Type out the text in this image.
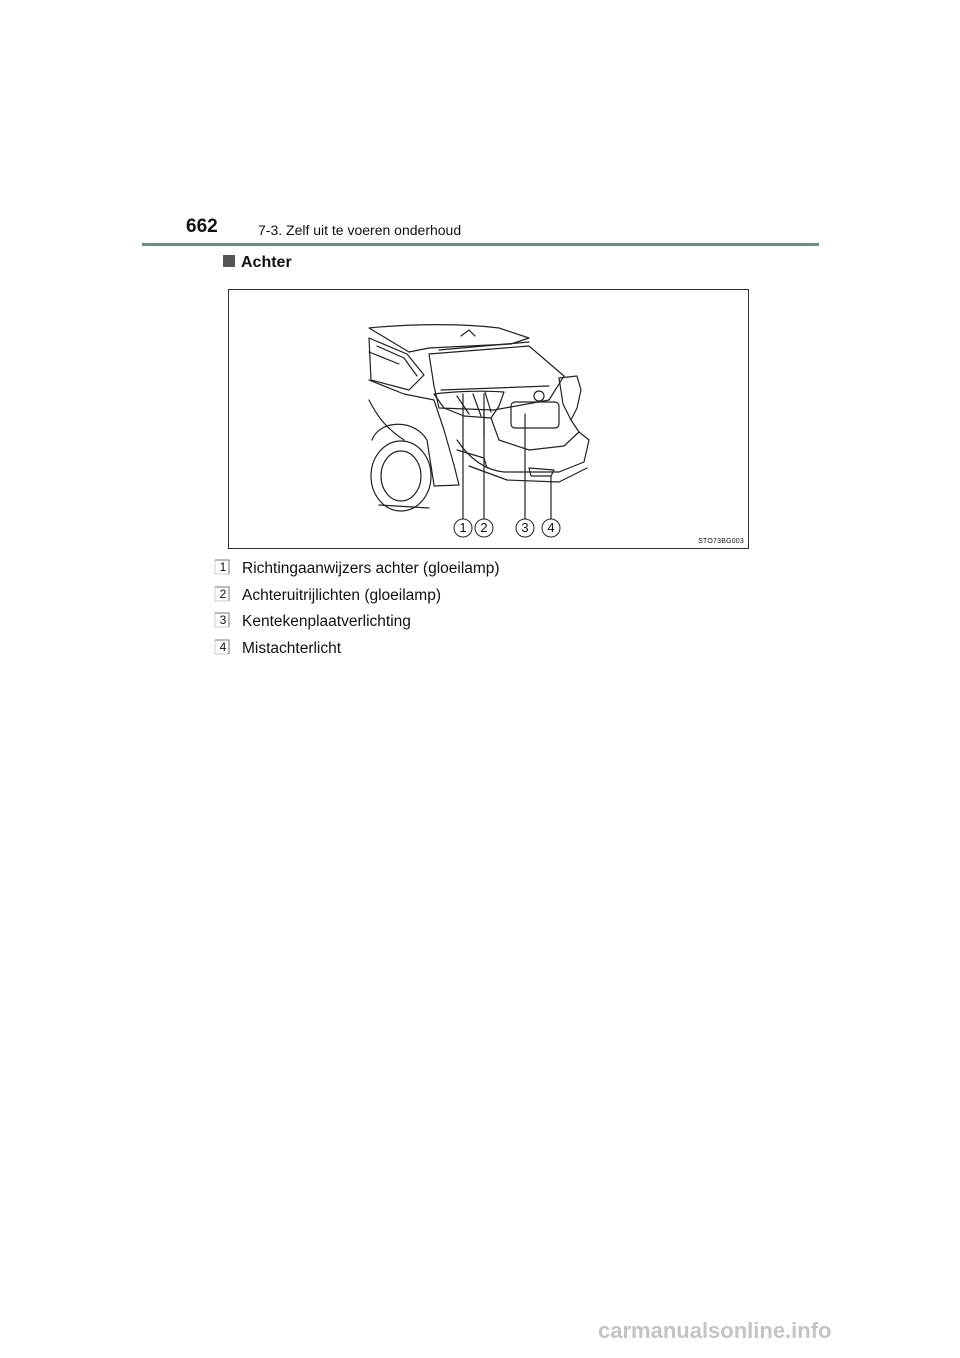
662	7-3. Zelf uit te voeren onderhoud
Achter
1	2	3	4
STO73BG003
1	Richtingaanwijzers achter (gloeilamp)
2	Achteruitrijlichten (gloeilamp)
3	Kentekenplaatverlichting
4	Mistachterlicht
carmanualsonline.info
